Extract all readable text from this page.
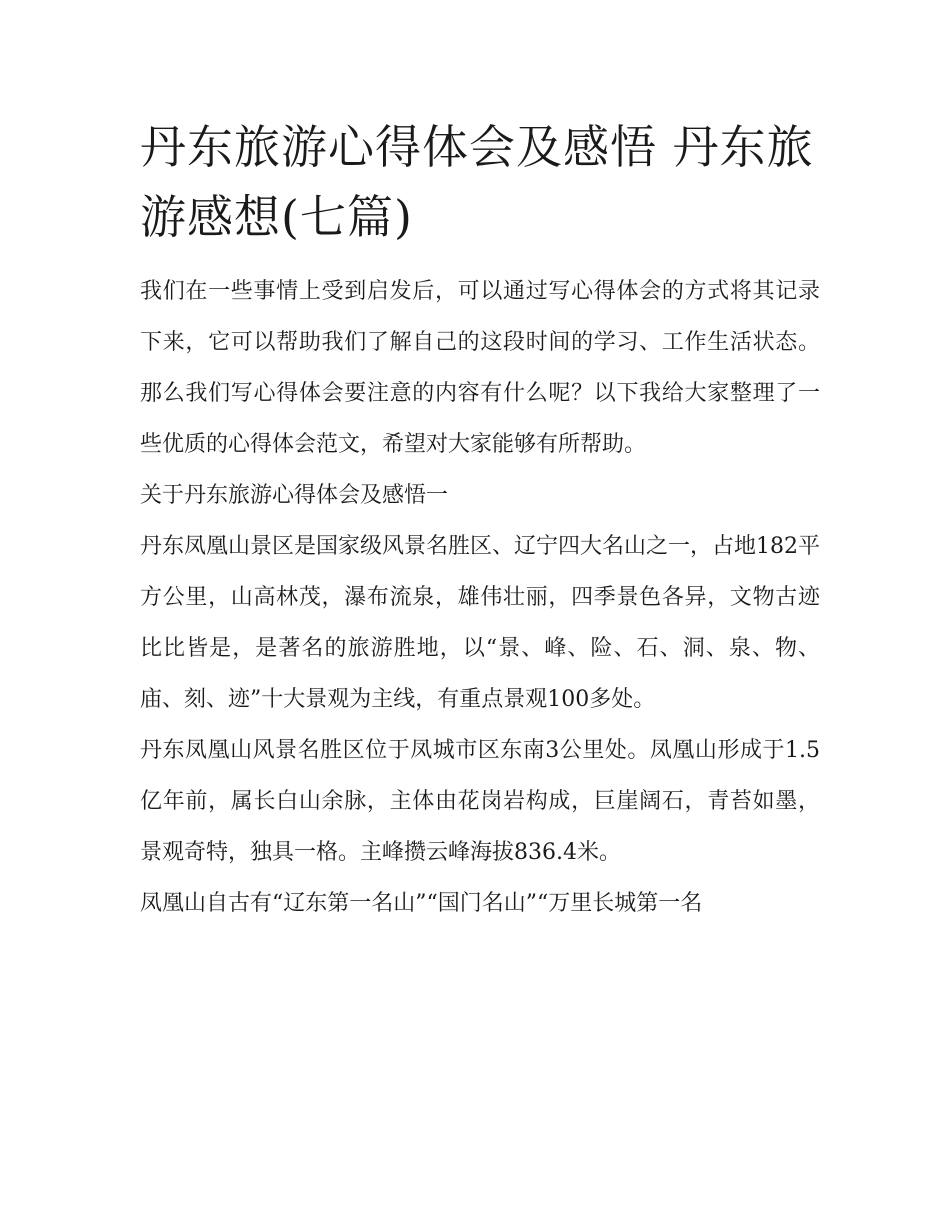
丹东旅游心得体会及感悟 丹东旅游感想(七篇)

我们在一些事情上受到启发后，可以通过写心得体会的方式将其记录下来，它可以帮助我们了解自己的这段时间的学习、工作生活状态。那么我们写心得体会要注意的内容有什么呢？以下我给大家整理了一些优质的心得体会范文，希望对大家能够有所帮助。

关于丹东旅游心得体会及感悟一

丹东凤凰山景区是国家级风景名胜区、辽宁四大名山之一，占地182平方公里，山高林茂，瀑布流泉，雄伟壮丽，四季景色各异，文物古迹比比皆是，是著名的旅游胜地，以“景、峰、险、石、洞、泉、物、庙、刻、迹”十大景观为主线，有重点景观100多处。

丹东凤凰山风景名胜区位于凤城市区东南3公里处。凤凰山形成于1.5亿年前，属长白山余脉，主体由花岗岩构成，巨崖阔石，青苔如墨，景观奇特，独具一格。主峰攒云峰海拔836.4米。

凤凰山自古有“辽东第一名山”“国门名山”“万里长城第一名
